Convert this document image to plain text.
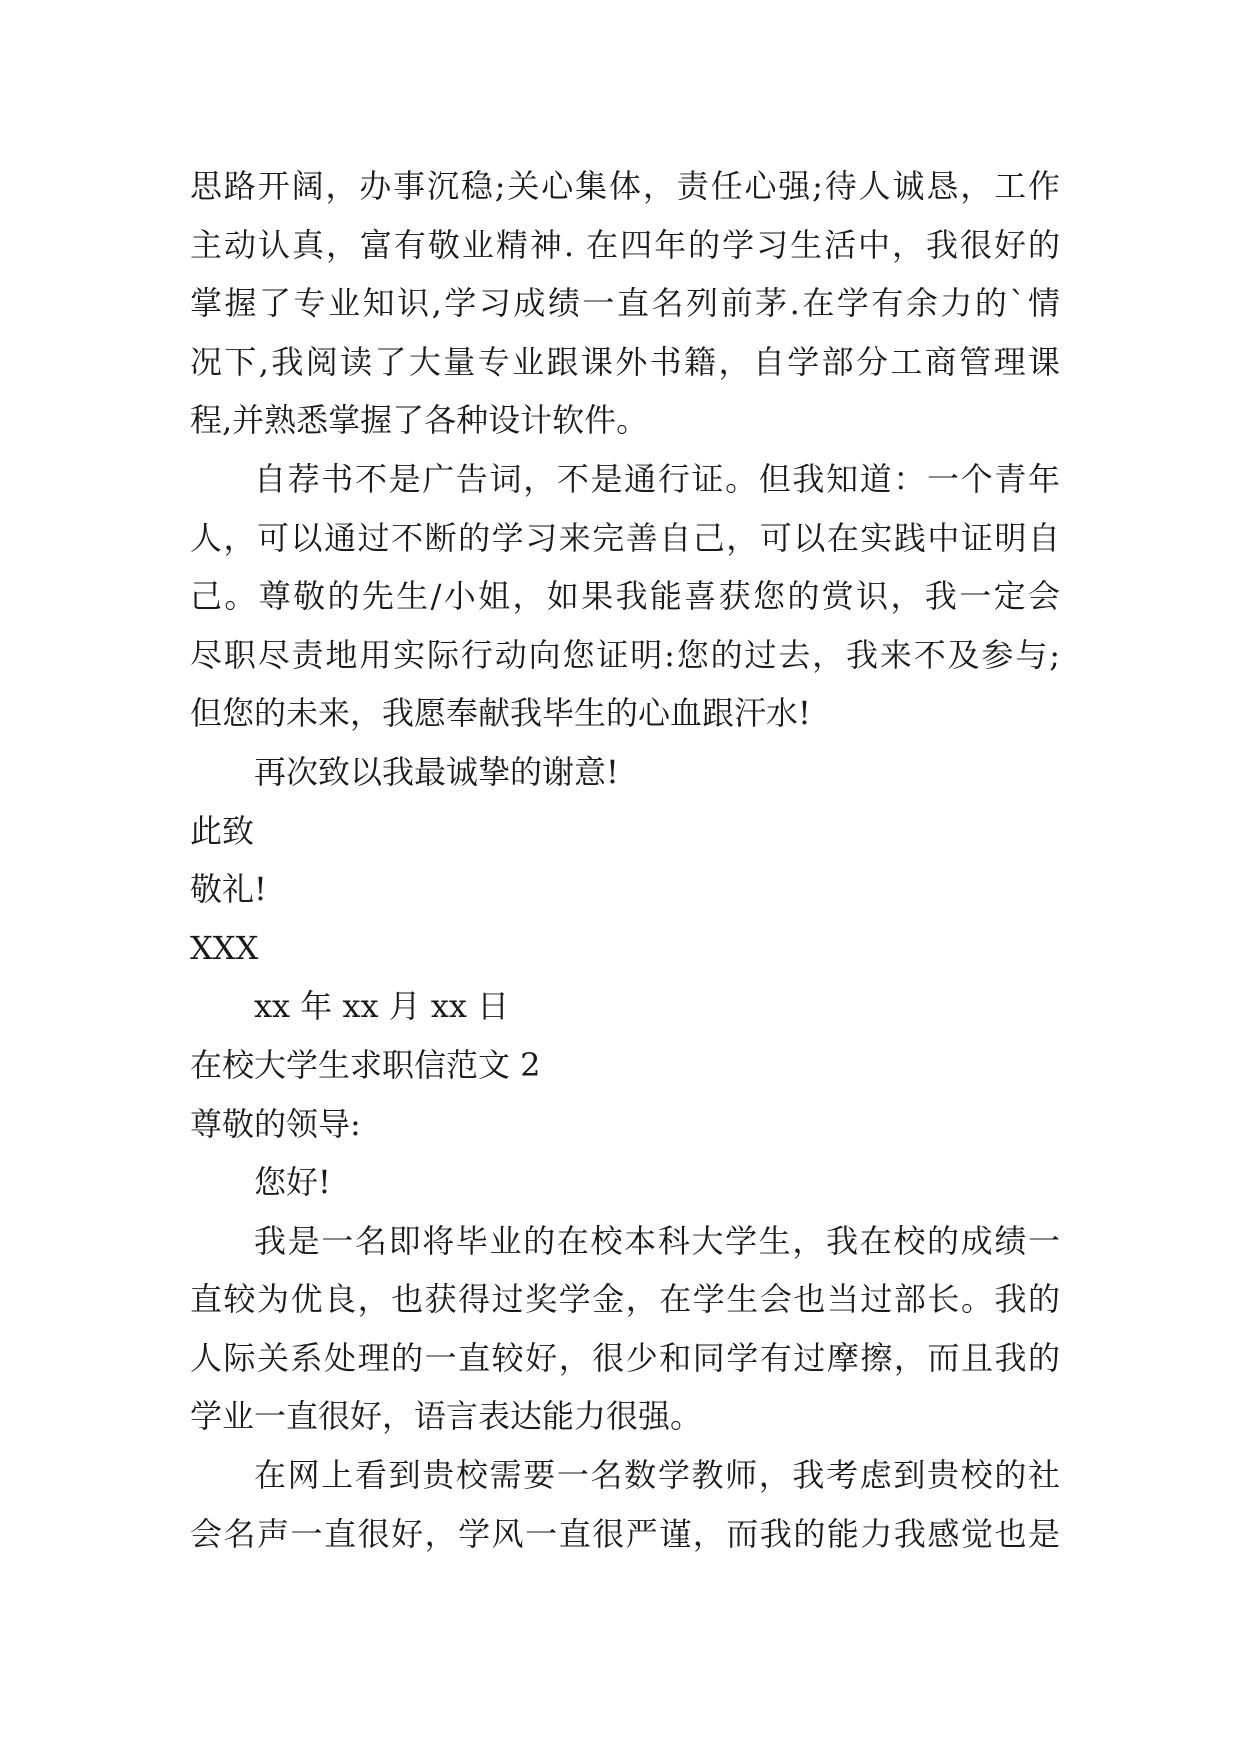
思路开阔，办事沉稳;关心集体，责任心强;待人诚恳，工作
主动认真，富有敬业精神. 在四年的学习生活中，我很好的
掌握了专业知识,学习成绩一直名列前茅.在学有余力的`情
况下,我阅读了大量专业跟课外书籍，自学部分工商管理课
程,并熟悉掌握了各种设计软件。
自荐书不是广告词，不是通行证。但我知道：一个青年
人，可以通过不断的学习来完善自己，可以在实践中证明自
己。尊敬的先生/小姐，如果我能喜获您的赏识，我一定会
尽职尽责地用实际行动向您证明:您的过去，我来不及参与;
但您的未来，我愿奉献我毕生的心血跟汗水!
再次致以我最诚挚的谢意!
此致
敬礼!
XXX
xx 年 xx 月 xx 日
在校大学生求职信范文 2
尊敬的领导:
您好!
我是一名即将毕业的在校本科大学生，我在校的成绩一
直较为优良，也获得过奖学金，在学生会也当过部长。我的
人际关系处理的一直较好，很少和同学有过摩擦，而且我的
学业一直很好，语言表达能力很强。
在网上看到贵校需要一名数学教师，我考虑到贵校的社
会名声一直很好，学风一直很严谨，而我的能力我感觉也是
